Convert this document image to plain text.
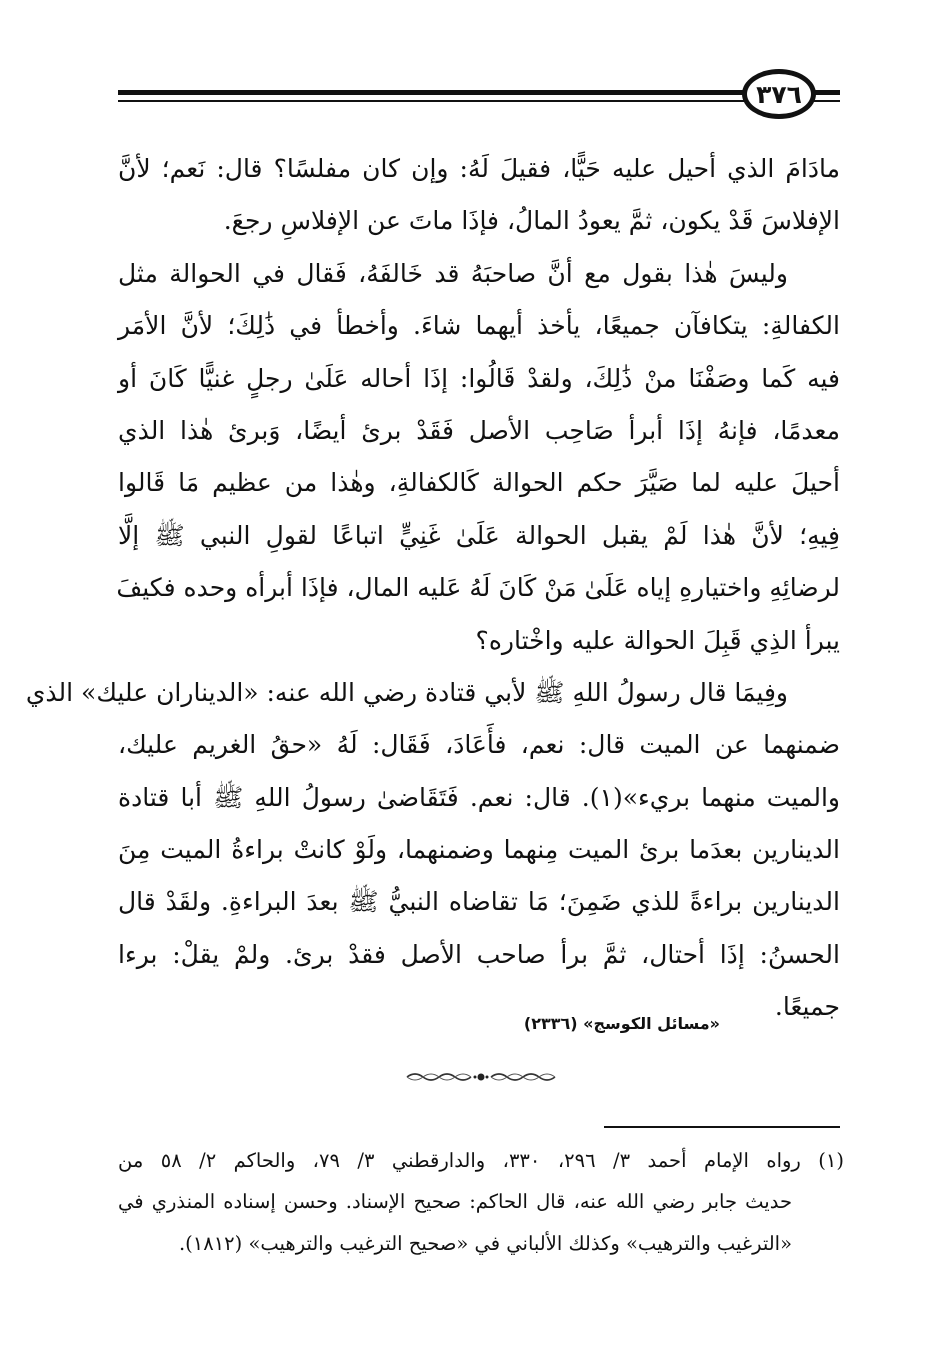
٣٧٦
مادَامَ الذي أحيل عليه حَيًّا، فقيلَ لَهُ: وإن كان مفلسًا؟ قال: نَعم؛ لأنَّ
الإفلاسَ قَدْ يكون، ثمَّ يعودُ المالُ، فإذَا ماتَ عن الإفلاسِ رجعَ.
وليسَ هٰذا بقول مع أنَّ صاحبَهُ قد خَالفَهُ، فَقال في الحوالة مثل
الكفالةِ: يتكافآن جميعًا، يأخذ أيهما شاءَ. وأخطأ في ذَٰلِكَ؛ لأنَّ الأمَر
فيه كَما وصَفْنَا منْ ذَٰلِكَ، ولقدْ قَالُوا: إذَا أحاله عَلَىٰ رجلٍ غنيًّا كَانَ أو
معدمًا، فإنهُ إذَا أبرأ صَاحِب الأصل فَقَدْ برئ أيضًا، وَبرئ هٰذا الذي
أحيلَ عليه لما صَيَّرَ حكم الحوالة كَالكفالةِ، وهٰذا من عظيم مَا قَالوا
فِيهِ؛ لأنَّ هٰذا لَمْ يقبل الحوالة عَلَىٰ غَنِيٍّ اتباعًا لقولِ النبي ﷺ إلَّا
لرضائِهِ واختيارهِ إياه عَلَىٰ مَنْ كَانَ لَهُ عَليه المال، فإذَا أبرأه وحده فكيفَ
يبرأ الذِي قَبِلَ الحوالة عليه واخْتاره؟
وفِيمَا قال رسولُ اللهِ ﷺ لأبي قتادة رضي الله عنه: «الديناران عليك» الذي
ضمنهما عن الميت قال: نعم، فأَعَادَ، فَقَال: لَهُ «حقُ الغريم عليك،
والميت منهما بريء»(١). قال: نعم. فَتَقَاضىٰ رسولُ اللهِ ﷺ أبا قتادة
الدينارين بعدَما برئ الميت مِنهما وضمنهما، ولَوْ كانتْ براءةُ الميت مِنَ
الدينارين براءةً للذي ضَمِنَ؛ مَا تقاضاه النبيُّ ﷺ بعدَ البراءةِ. ولقَدْ قال
الحسنُ: إذَا أحتال، ثمَّ برأ صاحب الأصل فقدْ برئ. ولمْ يقلْ: برءا
جميعًا.
«مسائل الكوسج» (٢٣٣٦)
(١) رواه الإمام أحمد ٣/ ٢٩٦، ٣٣٠، والدارقطني ٣/ ٧٩، والحاكم ٢/ ٥٨ من
حديث جابر رضي الله عنه، قال الحاكم: صحيح الإسناد. وحسن إسناده المنذري في
«الترغيب والترهيب» وكذلك الألباني في «صحيح الترغيب والترهيب» (١٨١٢).
